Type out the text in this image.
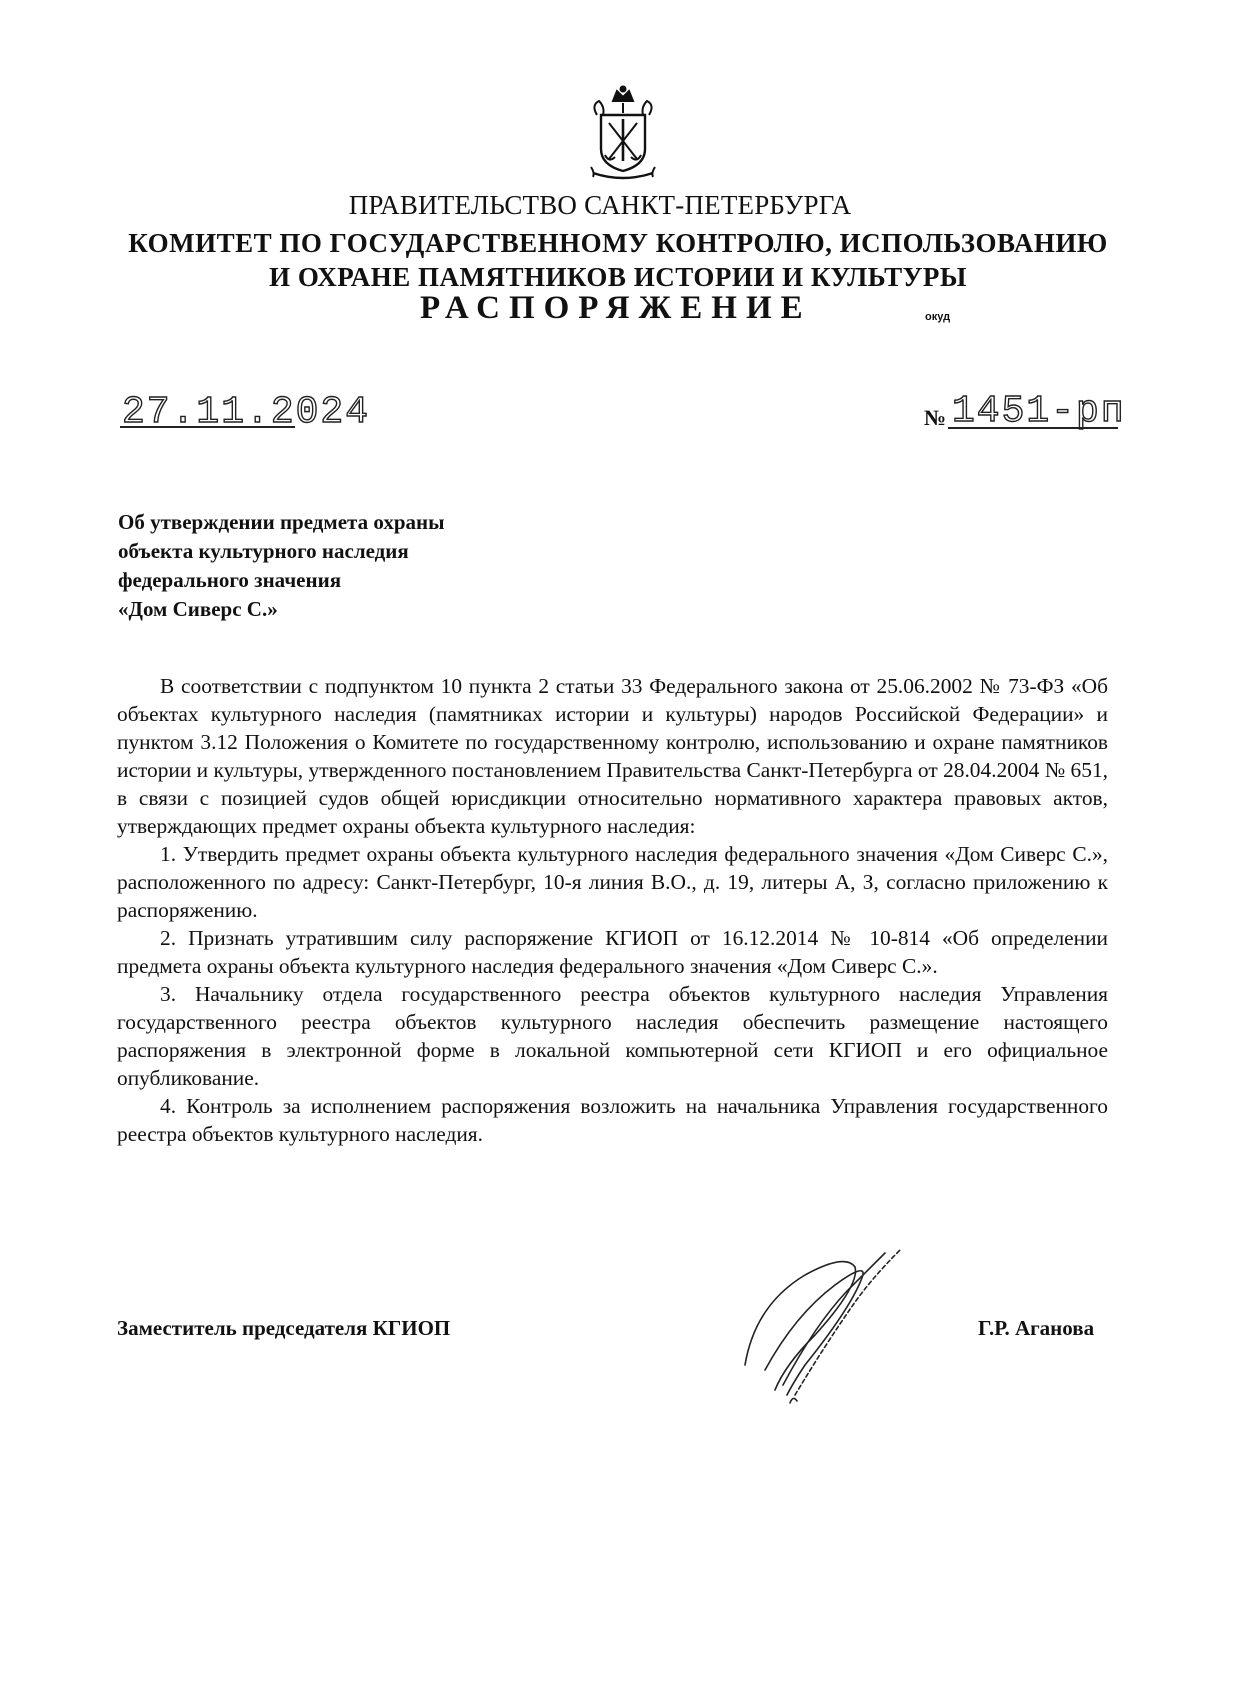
ПРАВИТЕЛЬСТВО САНКТ-ПЕТЕРБУРГА
КОМИТЕТ ПО ГОСУДАРСТВЕННОМУ КОНТРОЛЮ, ИСПОЛЬЗОВАНИЮ
И ОХРАНЕ ПАМЯТНИКОВ ИСТОРИИ И КУЛЬТУРЫ
РАСПОРЯЖЕНИЕ	окуд
27.11.2024	№ 1451-рп
Об утверждении предмета охраны
объекта культурного наследия
федерального значения
«Дом Сиверс С.»

В соответствии с подпунктом 10 пункта 2 статьи 33 Федерального закона от 25.06.2002 № 73-ФЗ «Об объектах культурного наследия (памятниках истории и культуры) народов Российской Федерации» и пунктом 3.12 Положения о Комитете по государственному контролю, использованию и охране памятников истории и культуры, утвержденного постановлением Правительства Санкт-Петербурга от 28.04.2004 № 651, в связи с позицией судов общей юрисдикции относительно нормативного характера правовых актов, утверждающих предмет охраны объекта культурного наследия:

1. Утвердить предмет охраны объекта культурного наследия федерального значения «Дом Сиверс С.», расположенного по адресу: Санкт-Петербург, 10-я линия В.О., д. 19, литеры А, З, согласно приложению к распоряжению.

2. Признать утратившим силу распоряжение КГИОП от 16.12.2014 № 10-814 «Об определении предмета охраны объекта культурного наследия федерального значения «Дом Сиверс С.».

3. Начальнику отдела государственного реестра объектов культурного наследия Управления государственного реестра объектов культурного наследия обеспечить размещение настоящего распоряжения в электронной форме в локальной компьютерной сети КГИОП и его официальное опубликование.

4. Контроль за исполнением распоряжения возложить на начальника Управления государственного реестра объектов культурного наследия.

Заместитель председателя КГИОП	Г.Р. Аганова
